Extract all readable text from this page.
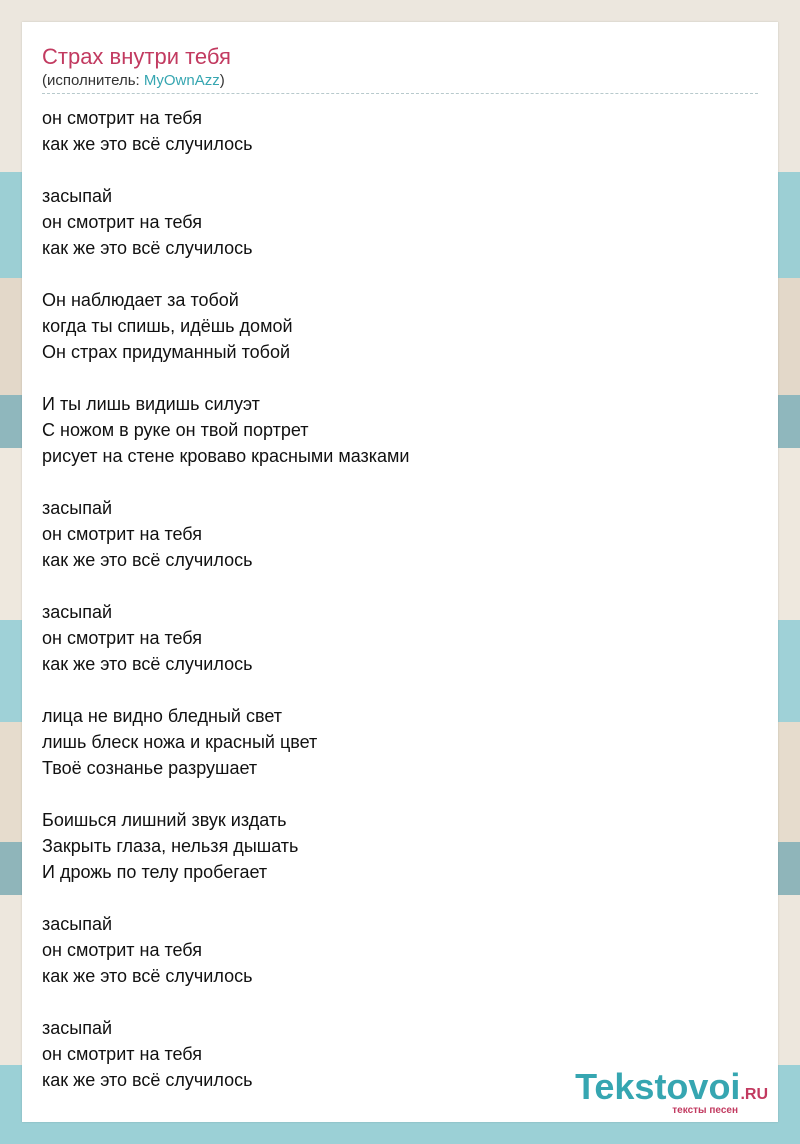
Страх внутри тебя
(исполнитель: MyOwnAzz)
он смотрит на тебя
как же это всё случилось
засыпай
он смотрит на тебя
как же это всё случилось
Он наблюдает за тобой
когда ты спишь, идёшь домой
Он страх придуманный тобой
И ты лишь видишь силуэт
С ножом в руке он твой портрет
рисует на стене кроваво красными мазками
засыпай
он смотрит на тебя
как же это всё случилось
засыпай
он смотрит на тебя
как же это всё случилось
лица не видно бледный свет
лишь блеск ножа и красный цвет
Твоё сознанье разрушает
Боишься лишний звук издать
Закрыть глаза, нельзя дышать
И дрожь по телу пробегает
засыпай
он смотрит на тебя
как же это всё случилось
засыпай
он смотрит на тебя
как же это всё случилось	Tekstovoi.RU
тексты песен
